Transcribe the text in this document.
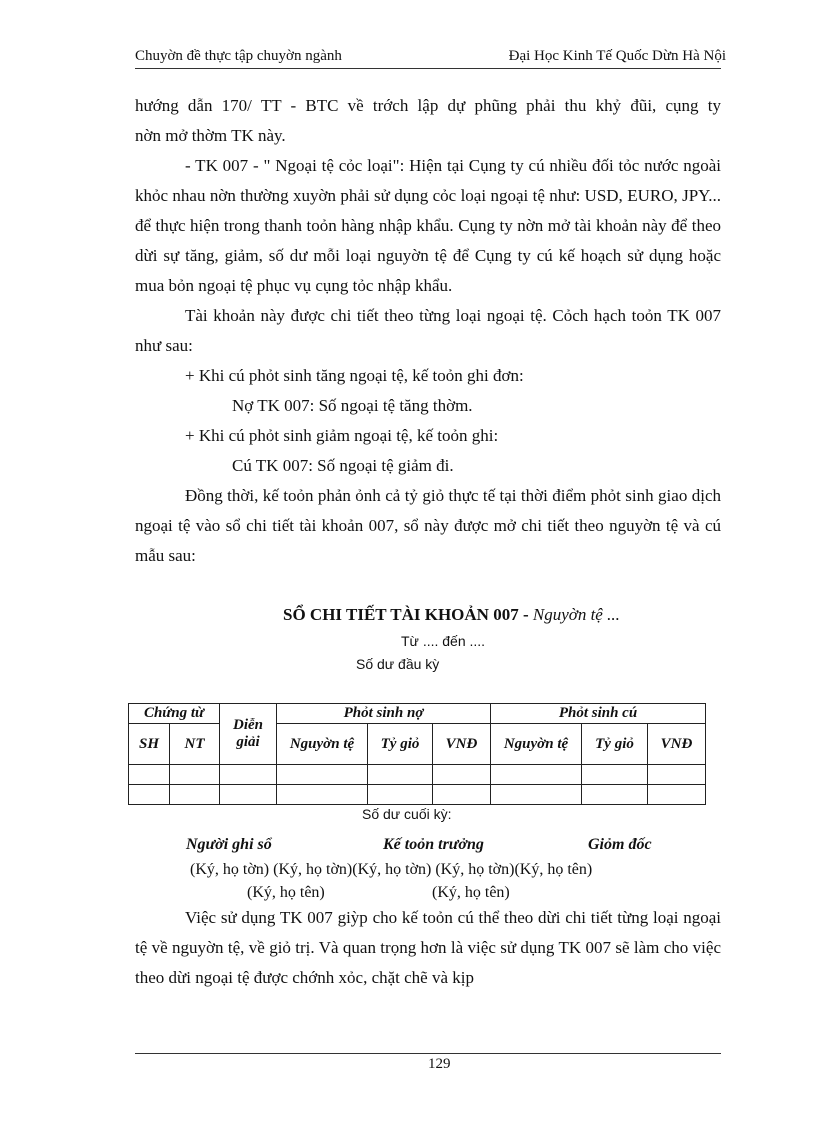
Chuyờn đề thực tập chuyờn ngành	Đại Học Kinh Tế Quốc Dừn Hà Nội

hướng dẫn 170/ TT - BTC về trớch lập dự phũng phải thu khỷ đũi, cụng ty

nờn mở thờm TK này.

- TK 007 - " Ngoại tệ cỏc loại": Hiện tại Cụng ty cú nhiều đối tỏc nước ngoài khỏc nhau nờn thường xuyờn phải sử dụng cỏc loại ngoại tệ như: USD, EURO, JPY... để thực hiện trong thanh toỏn hàng nhập khẩu. Cụng ty nờn mở tài khoản này để theo dừi sự tăng, giảm, số dư mỗi loại nguyờn tệ để Cụng ty cú kế hoạch sử dụng hoặc mua bỏn ngoại tệ phục vụ cụng tỏc nhập khẩu.

Tài khoản này được chi tiết theo từng loại ngoại tệ. Cỏch hạch toỏn TK 007 như sau:

+ Khi cú phỏt sinh tăng ngoại tệ, kế toỏn ghi đơn:

Nợ TK 007: Số ngoại tệ tăng thờm.

+ Khi cú phỏt sinh giảm ngoại tệ, kế toỏn ghi:

Cú TK 007: Số ngoại tệ giảm đi.

Đồng thời, kế toỏn phản ỏnh cả tỷ giỏ thực tế tại thời điểm phỏt sinh giao dịch ngoại tệ vào sổ chi tiết tài khoản 007, sổ này được mở chi tiết theo nguyờn tệ và cú mẫu sau:

SỔ CHI TIẾT TÀI KHOẢN 007 - Nguyờn tệ ...
Từ .... đến ....
Số dư đầu kỳ
Chứng từ		Diễn giải	Phỏt sinh nợ			Phỏt sinh cú		
SH	NT		Nguyờn tệ	Tỷ giỏ	VNĐ	Nguyờn tệ	Tỷ giỏ	VNĐ

Số dư cuối kỳ:
Người ghi sổ	Kế toỏn trưởng	Giỏm đốc
(Ký, họ tờn) (Ký, họ tờn)(Ký, họ tờn) (Ký, họ tờn)(Ký, họ tên)
(Ký, họ tên)	(Ký, họ tên)

Việc sử dụng TK 007 giỳp cho kế toỏn cú thể theo dừi chi tiết từng loại ngoại tệ về nguyờn tệ, về giỏ trị. Và quan trọng hơn là việc sử dụng TK 007 sẽ làm cho việc theo dừi ngoại tệ được chớnh xỏc, chặt chẽ và kịp

129
